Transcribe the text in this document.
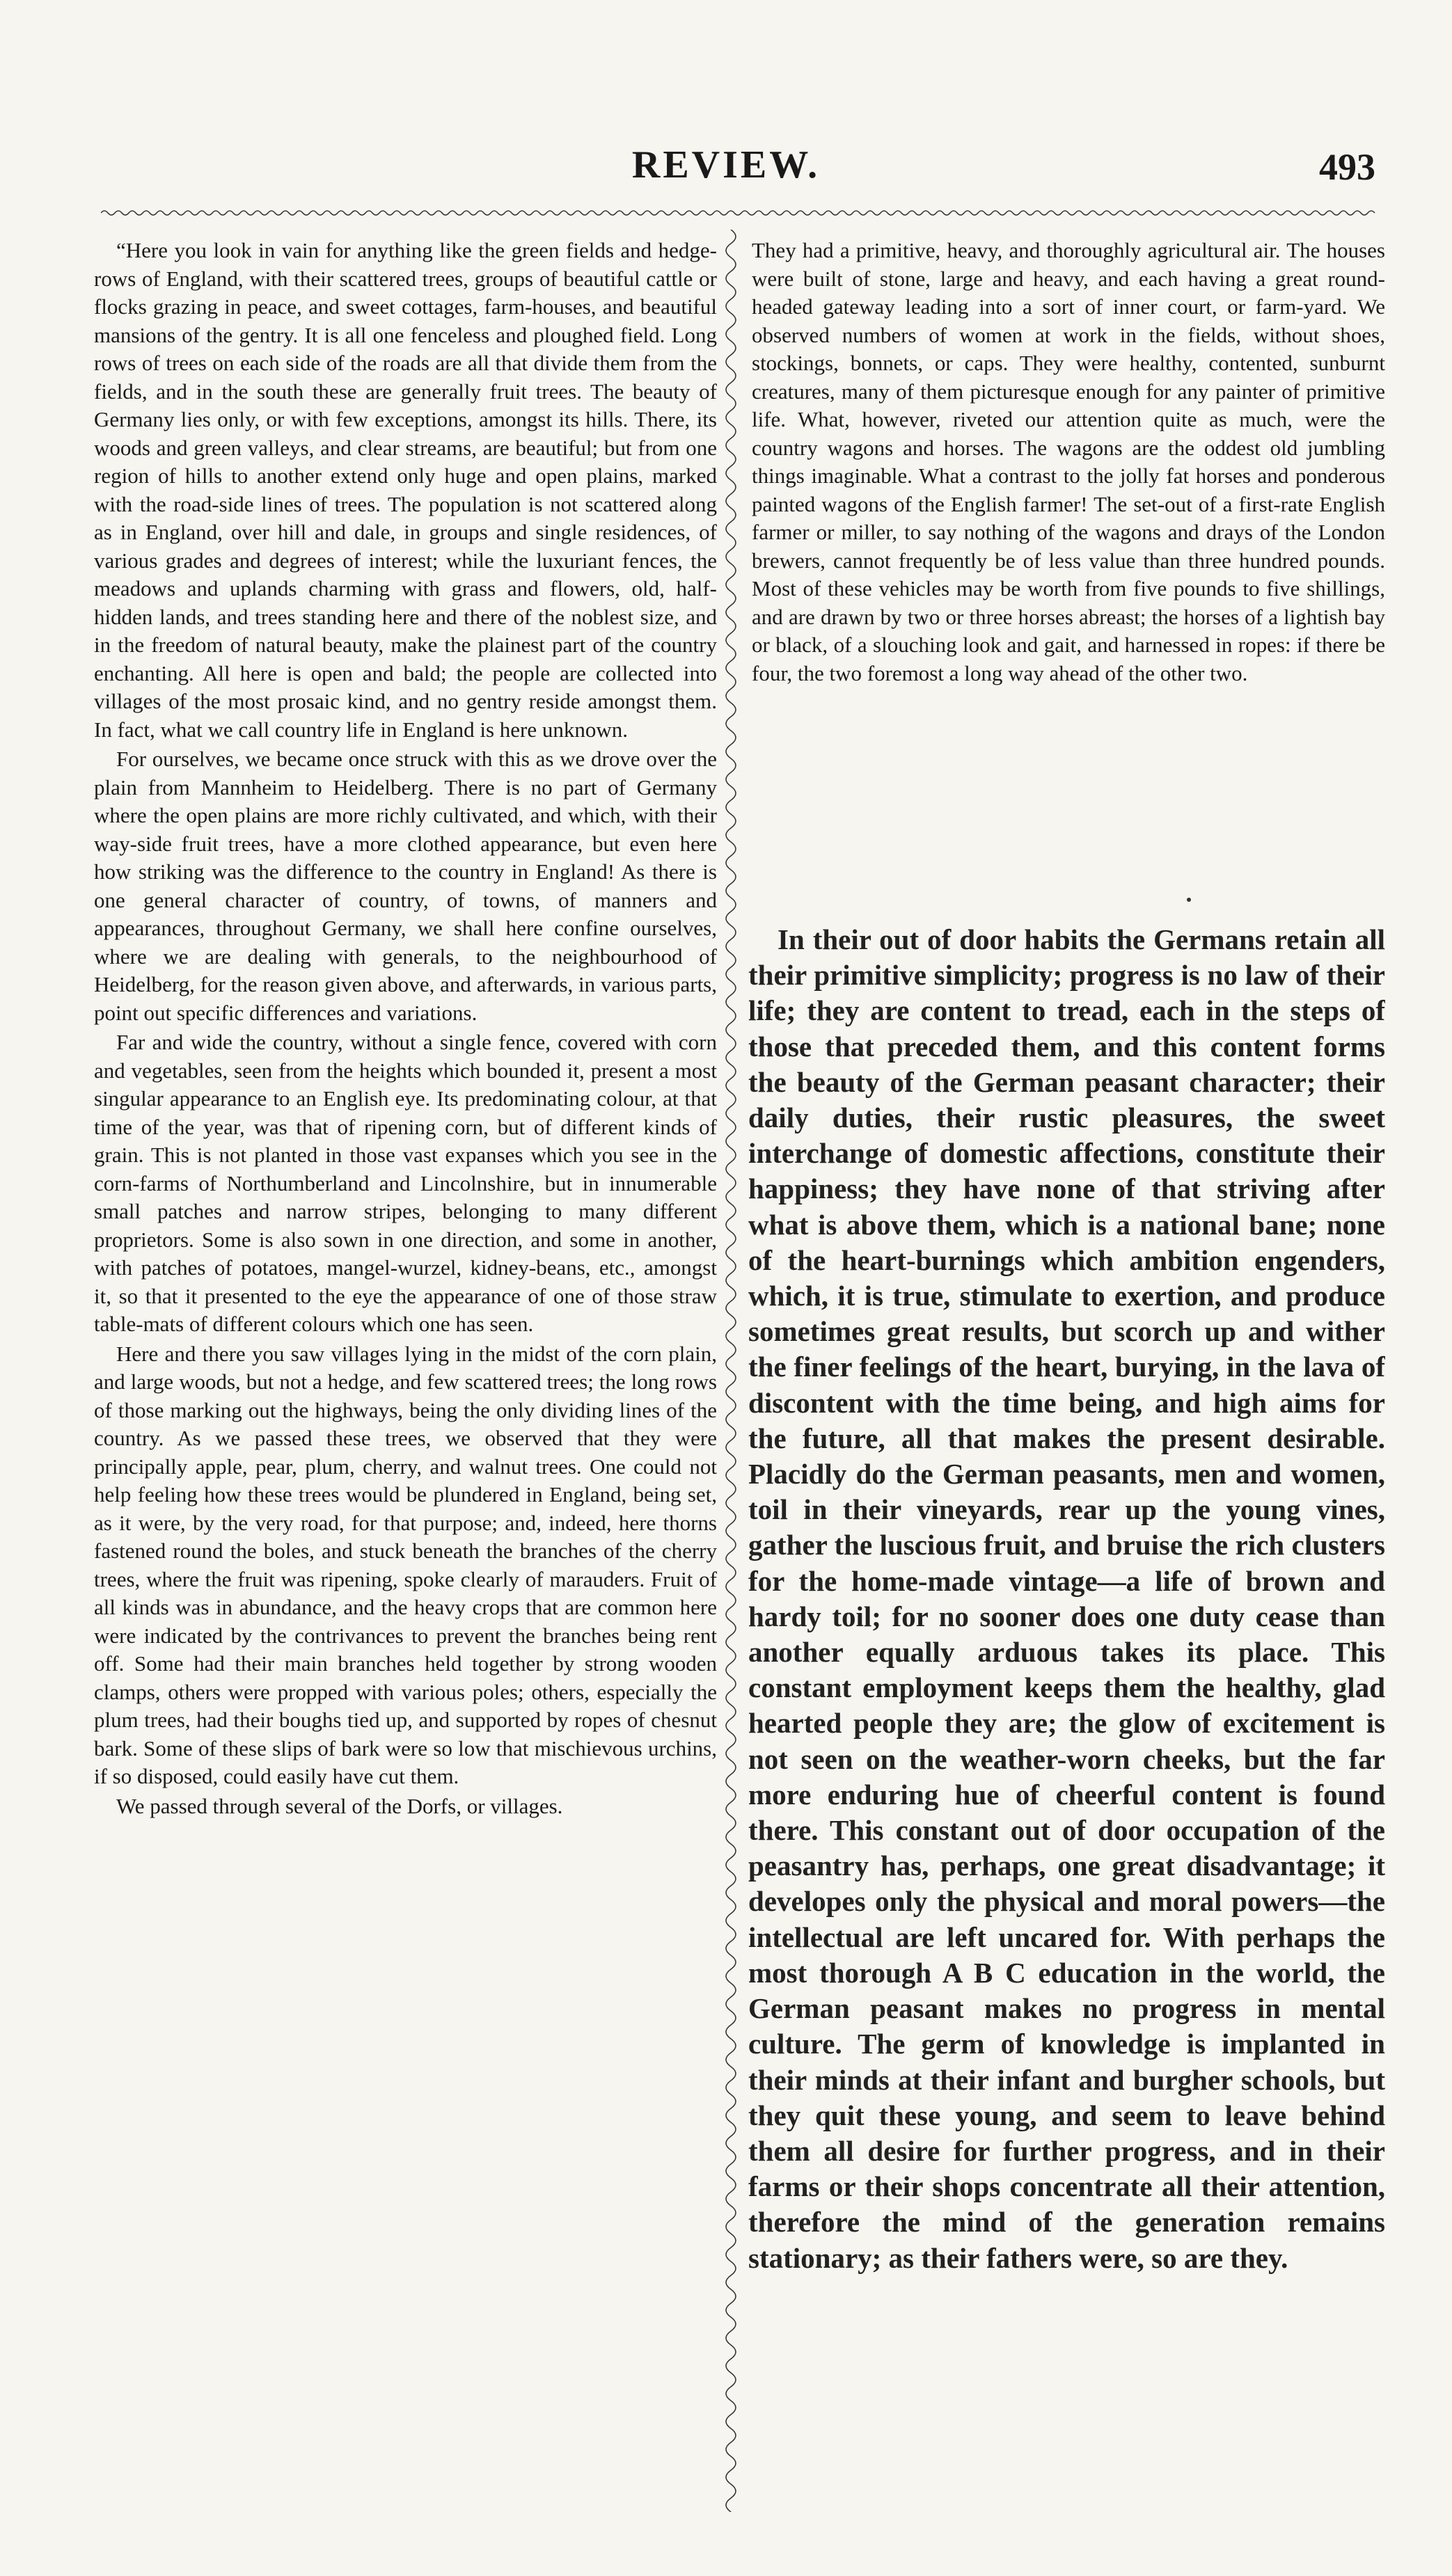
REVIEW.	493

“Here you look in vain for anything like the green fields and hedge-rows of England, with their scattered trees, groups of beautiful cattle or flocks grazing in peace, and sweet cottages, farm-houses, and beautiful mansions of the gentry. It is all one fenceless and ploughed field. Long rows of trees on each side of the roads are all that divide them from the fields, and in the south these are generally fruit trees. The beauty of Germany lies only, or with few exceptions, amongst its hills. There, its woods and green valleys, and clear streams, are beautiful; but from one region of hills to another extend only huge and open plains, marked with the road-side lines of trees. The population is not scattered along as in England, over hill and dale, in groups and single residences, of various grades and degrees of interest; while the luxuriant fences, the meadows and uplands charming with grass and flowers, old, half-hidden lands, and trees standing here and there of the noblest size, and in the freedom of natural beauty, make the plainest part of the country enchanting. All here is open and bald; the people are collected into villages of the most prosaic kind, and no gentry reside amongst them. In fact, what we call country life in England is here unknown.

For ourselves, we became once struck with this as we drove over the plain from Mannheim to Heidelberg. There is no part of Germany where the open plains are more richly cultivated, and which, with their way-side fruit trees, have a more clothed appearance, but even here how striking was the difference to the country in England! As there is one general character of country, of towns, of manners and appearances, throughout Germany, we shall here confine ourselves, where we are dealing with generals, to the neighbourhood of Heidelberg, for the reason given above, and afterwards, in various parts, point out specific differences and variations.

Far and wide the country, without a single fence, covered with corn and vegetables, seen from the heights which bounded it, present a most singular appearance to an English eye. Its predominating colour, at that time of the year, was that of ripening corn, but of different kinds of grain. This is not planted in those vast expanses which you see in the corn-farms of Northumberland and Lincolnshire, but in innumerable small patches and narrow stripes, belonging to many different proprietors. Some is also sown in one direction, and some in another, with patches of potatoes, mangel-wurzel, kidney-beans, etc., amongst it, so that it presented to the eye the appearance of one of those straw table-mats of different colours which one has seen.

Here and there you saw villages lying in the midst of the corn plain, and large woods, but not a hedge, and few scattered trees; the long rows of those marking out the highways, being the only dividing lines of the country. As we passed these trees, we observed that they were principally apple, pear, plum, cherry, and walnut trees. One could not help feeling how these trees would be plundered in England, being set, as it were, by the very road, for that purpose; and, indeed, here thorns fastened round the boles, and stuck beneath the branches of the cherry trees, where the fruit was ripening, spoke clearly of marauders. Fruit of all kinds was in abundance, and the heavy crops that are common here were indicated by the contrivances to prevent the branches being rent off. Some had their main branches held together by strong wooden clamps, others were propped with various poles; others, especially the plum trees, had their boughs tied up, and supported by ropes of chesnut bark. Some of these slips of bark were so low that mischievous urchins, if so disposed, could easily have cut them.

We passed through several of the Dorfs, or villages.

They had a primitive, heavy, and thoroughly agricultural air. The houses were built of stone, large and heavy, and each having a great round-headed gateway leading into a sort of inner court, or farm-yard. We observed numbers of women at work in the fields, without shoes, stockings, bonnets, or caps. They were healthy, contented, sunburnt creatures, many of them picturesque enough for any painter of primitive life. What, however, riveted our attention quite as much, were the country wagons and horses. The wagons are the oddest old jumbling things imaginable. What a contrast to the jolly fat horses and ponderous painted wagons of the English farmer! The set-out of a first-rate English farmer or miller, to say nothing of the wagons and drays of the London brewers, cannot frequently be of less value than three hundred pounds. Most of these vehicles may be worth from five pounds to five shillings, and are drawn by two or three horses abreast; the horses of a lightish bay or black, of a slouching look and gait, and harnessed in ropes: if there be four, the two foremost a long way ahead of the other two.

In their out of door habits the Germans retain all their primitive simplicity; progress is no law of their life; they are content to tread, each in the steps of those that preceded them, and this content forms the beauty of the German peasant character; their daily duties, their rustic pleasures, the sweet interchange of domestic affections, constitute their happiness; they have none of that striving after what is above them, which is a national bane; none of the heart-burnings which ambition engenders, which, it is true, stimulate to exertion, and produce sometimes great results, but scorch up and wither the finer feelings of the heart, burying, in the lava of discontent with the time being, and high aims for the future, all that makes the present desirable. Placidly do the German peasants, men and women, toil in their vineyards, rear up the young vines, gather the luscious fruit, and bruise the rich clusters for the home-made vintage—a life of brown and hardy toil; for no sooner does one duty cease than another equally arduous takes its place. This constant employment keeps them the healthy, glad hearted people they are; the glow of excitement is not seen on the weather-worn cheeks, but the far more enduring hue of cheerful content is found there. This constant out of door occupation of the peasantry has, perhaps, one great disadvantage; it developes only the physical and moral powers—the intellectual are left uncared for. With perhaps the most thorough A B C education in the world, the German peasant makes no progress in mental culture. The germ of knowledge is implanted in their minds at their infant and burgher schools, but they quit these young, and seem to leave behind them all desire for further progress, and in their farms or their shops concentrate all their attention, therefore the mind of the generation remains stationary; as their fathers were, so are they.
